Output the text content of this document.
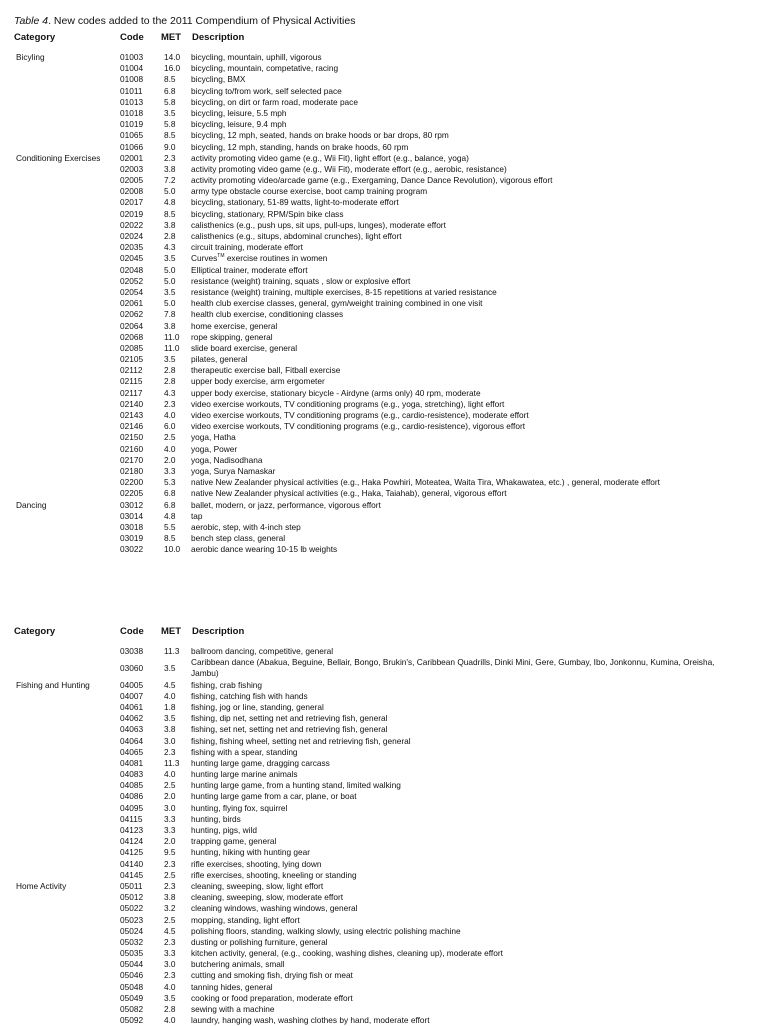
Table 4. New codes added to the 2011 Compendium of Physical Activities
Category	Code MET Description
Bicyling	01003	14.0 bicycling, mountain, uphill, vigorous
01004	16.0 bicycling, mountain, competative, racing
01008	8.5 bicycling, BMX
01011	6.8 bicycling to/from work, self selected pace
01013	5.8 bicycling, on dirt or farm road, moderate pace
01018	3.5 bicycling, leisure, 5.5 mph
01019	5.8 bicycling, leisure, 9.4 mph
01065	8.5 bicycling, 12 mph, seated, hands on brake hoods or bar drops, 80 rpm
01066	9.0 bicycling, 12 mph, standing, hands on brake hoods, 60 rpm
Conditioning Exercises 02001	2.3 activity promoting video game (e.g., Wii Fit), light effort (e.g., balance, yoga)
02003	3.8 activity promoting video game (e.g., Wii Fit), moderate effort (e.g., aerobic, resistance)
02005	7.2 activity promoting video/arcade game (e.g., Exergaming, Dance Dance Revolution), vigorous effort
02008	5.0 army type obstacle course exercise, boot camp training program
02017	4.8 bicycling, stationary, 51-89 watts, light-to-moderate effort
02019	8.5 bicycling, stationary, RPM/Spin bike class
02022	3.8 calisthenics (e.g., push ups, sit ups, pull-ups, lunges), moderate effort
02024	2.8 calisthenics (e.g., situps, abdominal crunches), light effort
02035	4.3 circuit training, moderate effort
02045	3.5 Curves™ exercise routines in women
02048	5.0 Elliptical trainer, moderate effort
02052	5.0 resistance (weight) training, squats , slow or explosive effort
02054	3.5 resistance (weight) training, multiple exercises, 8-15 repetitions at varied resistance
02061	5.0 health club exercise classes, general, gym/weight training combined in one visit
02062	7.8 health club exercise, conditioning classes
02064	3.8 home exercise, general
02068	11.0 rope skipping, general
02085	11.0 slide board exercise, general
02105	3.5 pilates, general
02112	2.8 therapeutic exercise ball, Fitball exercise
02115	2.8 upper body exercise, arm ergometer
02117	4.3 upper body exercise, stationary bicycle - Airdyne (arms only) 40 rpm, moderate
02140	2.3 video exercise workouts, TV conditioning programs (e.g., yoga, stretching), light effort
02143	4.0 video exercise workouts, TV conditioning programs (e.g., cardio-resistence), moderate effort
02146	6.0 video exercise workouts, TV conditioning programs (e.g., cardio-resistence), vigorous effort
02150	2.5 yoga, Hatha
02160	4.0 yoga, Power
02170	2.0 yoga, Nadisodhana
02180	3.3 yoga, Surya Namaskar
02200	5.3 native New Zealander physical activities (e.g., Haka Powhiri, Moteatea, Waita Tira, Whakawatea, etc.) , general, moderate effort
02205	6.8 native New Zealander physical activities (e.g., Haka, Taiahab), general, vigorous effort
Dancing	03012	6.8 ballet, modern, or jazz, performance, vigorous effort
03014	4.8 tap
03018	5.5 aerobic, step, with 4-inch step
03019	8.5 bench step class, general
03022	10.0 aerobic dance wearing 10-15 lb weights
Category	Code MET Description
03038	11.3 ballroom dancing, competitive, general
03060	3.5
Caribbean dance (Abakua, Beguine, Bellair, Bongo, Brukin's, Caribbean Quadrills, Dinki Mini, Gere, Gumbay, Ibo, Jonkonnu, Kumina, Oreisha, Jambu)
Fishing and Hunting	04005	4.5 fishing, crab fishing
04007	4.0 fishing, catching fish with hands
04061	1.8 fishing, jog or line, standing, general
04062	3.5 fishing, dip net, setting net and retrieving fish, general
04063	3.8 fishing, set net, setting net and retrieving fish, general
04064	3.0 fishing, fishing wheel, setting net and retrieving fish, general
04065	2.3 fishing with a spear, standing
04081	11.3 hunting large game, dragging carcass
04083	4.0 hunting large marine animals
04085	2.5 hunting large game, from a hunting stand, limited walking
04086	2.0 hunting large game from a car, plane, or boat
04095	3.0 hunting, flying fox, squirrel
04115	3.3 hunting, birds
04123	3.3 hunting, pigs, wild
04124	2.0 trapping game, general
04125	9.5 hunting, hiking with hunting gear
04140	2.3 rifle exercises, shooting, lying down
04145	2.5 rifle exercises, shooting, kneeling or standing
Home Activity	05011	2.3 cleaning, sweeping, slow, light effort
05012	3.8 cleaning, sweeping, slow, moderate effort
05022	3.2 cleaning windows, washing windows, general
05023	2.5 mopping, standing, light effort
05024	4.5 polishing floors, standing, walking slowly, using electric polishing machine
05032	2.3 dusting or polishing furniture, general
05035	3.3 kitchen activity, general, (e.g., cooking, washing dishes, cleaning up), moderate effort
05044	3.0 butchering animals, small
05046	2.3 cutting and smoking fish, drying fish or meat
05048	4.0 tanning hides, general
05049	3.5 cooking or food preparation, moderate effort
05082	2.8 sewing with a machine
05092	4.0 laundry, hanging wash, washing clothes by hand, moderate effort
